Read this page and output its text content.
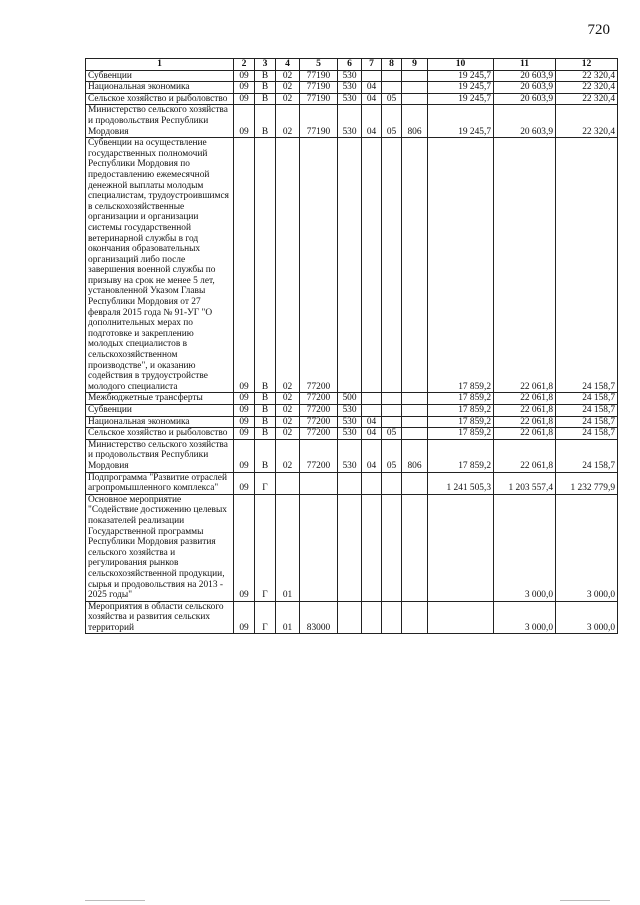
720
1	2	3	4	5	6	7	8	9	10	11	12
Субвенции	09	В	02	77190	530				19 245,7	20 603,9	22 320,4
Национальная экономика	09	В	02	77190	530	04			19 245,7	20 603,9	22 320,4
Сельское хозяйство и рыболовство	09	В	02	77190	530	04	05		19 245,7	20 603,9	22 320,4
Министерство сельского хозяйства и продовольствия Республики Мордовия	09	В	02	77190	530	04	05	806	19 245,7	20 603,9	22 320,4
Субвенции на осуществление государственных полномочий Республики Мордовия по предоставлению ежемесячной денежной выплаты молодым специалистам, трудоустроившимся в сельскохозяйственные организации и организации системы государственной ветеринарной службы в год окончания образовательных организаций либо после завершения военной службы по призыву на срок не менее 5 лет, установленной Указом Главы Республики Мордовия от 27 февраля 2015 года № 91-УГ "О дополнительных мерах по подготовке и закреплению молодых специалистов в сельскохозяйственном производстве", и оказанию содействия в трудоустройстве молодого специалиста	09	В	02	77200					17 859,2	22 061,8	24 158,7
Межбюджетные трансферты	09	В	02	77200	500				17 859,2	22 061,8	24 158,7
Субвенции	09	В	02	77200	530				17 859,2	22 061,8	24 158,7
Национальная экономика	09	В	02	77200	530	04			17 859,2	22 061,8	24 158,7
Сельское хозяйство и рыболовство	09	В	02	77200	530	04	05		17 859,2	22 061,8	24 158,7
Министерство сельского хозяйства и продовольствия Республики Мордовия	09	В	02	77200	530	04	05	806	17 859,2	22 061,8	24 158,7
Подпрограмма "Развитие отраслей агропромышленного комплекса"	09	Г							1 241 505,3	1 203 557,4	1 232 779,9
Основное мероприятие "Содействие достижению целевых показателей реализации Государственной программы Республики Мордовия развития сельского хозяйства и регулирования рынков сельскохозяйственной продукции, сырья и продовольствия на 2013 - 2025 годы"	09	Г	01							3 000,0	3 000,0
Мероприятия в области сельского хозяйства и развития сельских территорий	09	Г	01	83000						3 000,0	3 000,0
